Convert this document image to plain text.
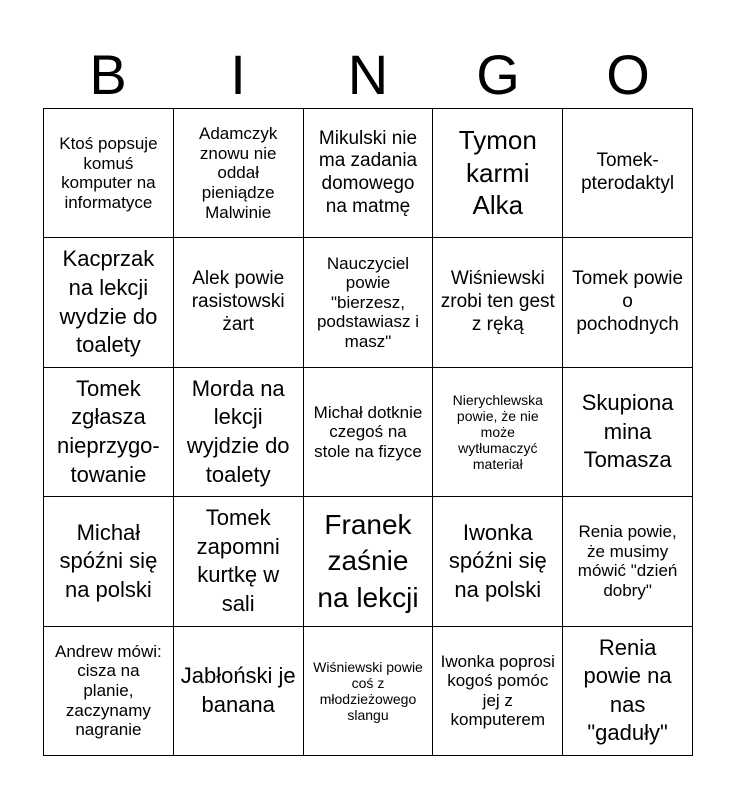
B	I	N	G	O
Ktoś popsuje komuś komputer na informatyce
Adamczyk znowu nie oddał pieniądze Malwinie
Mikulski nie ma zadania domowego na matmę
Tymon karmi Alka
Tomek-pterodaktyl
Kacprzak na lekcji wydzie do toalety
Alek powie rasistowski żart
Nauczyciel powie "bierzesz, podstawiasz i masz"
Wiśniewski zrobi ten gest z ręką
Tomek powie o pochodnych
Tomek zgłasza nieprzygo-towanie
Morda na lekcji wyjdzie do toalety
Michał dotknie czegoś na stole na fizyce
Nierychlewska powie, że nie może wytłumaczyć materiał
Skupiona mina Tomasza
Michał spóźni się na polski
Tomek zapomni kurtkę w sali
Franek zaśnie na lekcji
Iwonka spóźni się na polski
Renia powie, że musimy mówić "dzień dobry"
Andrew mówi: cisza na planie, zaczynamy nagranie
Jabłoński je banana
Wiśniewski powie coś z młodzieżowego slangu
Iwonka poprosi kogoś pomóc jej z komputerem
Renia powie na nas "gaduły"
